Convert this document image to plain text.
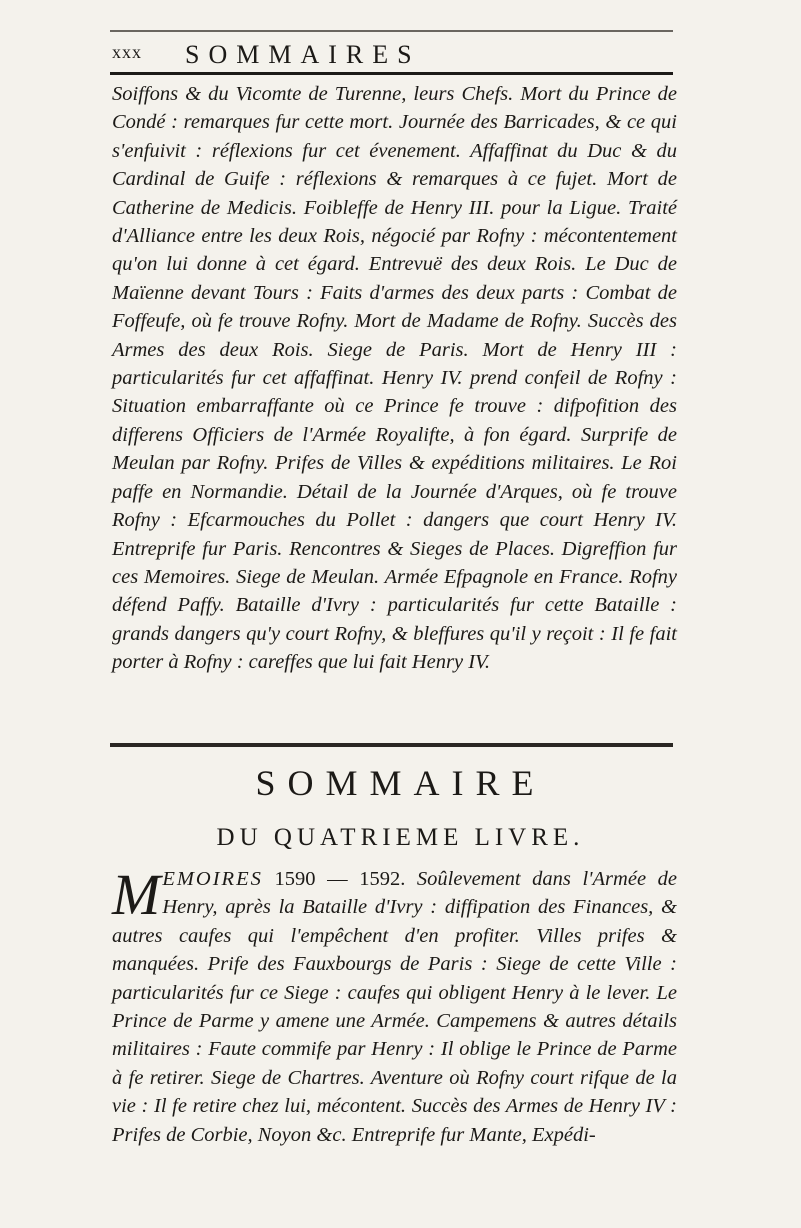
xxx SOMMAIRES

Soiffons & du Vicomte de Turenne, leurs Chefs. Mort du Prince de Condé : remarques fur cette mort. Journée des Barricades, & ce qui s'enfuivit : réflexions fur cet évenement. Affaffinat du Duc & du Cardinal de Guife : réflexions & remarques à ce fujet. Mort de Catherine de Medicis. Foibleffe de Henry III. pour la Ligue. Traité d'Alliance entre les deux Rois, négocié par Rofny : mécontentement qu'on lui donne à cet égard. Entrevuë des deux Rois. Le Duc de Maïenne devant Tours : Faits d'armes des deux parts : Combat de Foffeufe, où fe trouve Rofny. Mort de Madame de Rofny. Succès des Armes des deux Rois. Siege de Paris. Mort de Henry III : particularités fur cet affaffinat. Henry IV. prend confeil de Rofny : Situation embarraffante où ce Prince fe trouve : difpofition des differens Officiers de l'Armée Royalifte, à fon égard. Surprife de Meulan par Rofny. Prifes de Villes & expéditions militaires. Le Roi paffe en Normandie. Détail de la Journée d'Arques, où fe trouve Rofny : Efcarmouches du Pollet : dangers que court Henry IV. Entreprife fur Paris. Rencontres & Sieges de Places. Digreffion fur ces Memoires. Siege de Meulan. Armée Efpagnole en France. Rofny défend Paffy. Bataille d'Ivry : particularités fur cette Bataille : grands dangers qu'y court Rofny, & bleffures qu'il y reçoit : Il fe fait porter à Rofny : careffes que lui fait Henry IV.

SOMMAIRE
DU QUATRIEME LIVRE.

MEMOIRES 1590 — 1592. Soûlevement dans l'Armée de Henry, après la Bataille d'Ivry : diffipation des Finances, & autres caufes qui l'empêchent d'en profiter. Villes prifes & manquées. Prife des Fauxbourgs de Paris : Siege de cette Ville : particularités fur ce Siege : caufes qui obligent Henry à le lever. Le Prince de Parme y amene une Armée. Campemens & autres détails militaires : Faute commife par Henry : Il oblige le Prince de Parme à fe retirer. Siege de Chartres. Aventure où Rofny court rifque de la vie : Il fe retire chez lui, mécontent. Succès des Armes de Henry IV : Prifes de Corbie, Noyon &c. Entreprife fur Mante, Expédi-
